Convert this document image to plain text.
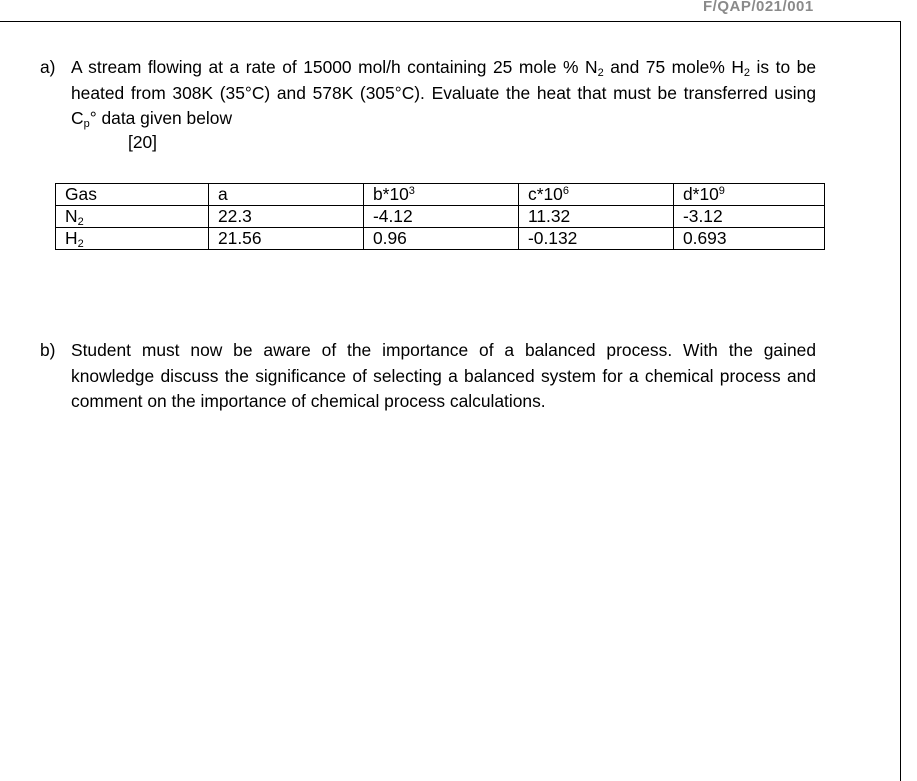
F/QAP/021/001
a) A stream flowing at a rate of 15000 mol/h containing 25 mole % $N_2$ and 75 mole% $H_2$ is to be heated from 308K (35°C) and 578K (305°C). Evaluate the heat that must be transferred using $C_p^\circ$ data given below
[20]
Gas	a	$b*10^3$	$c*10^6$	$d*10^9$
$N_2$	22.3	-4.12	11.32	-3.12
$H_2$	21.56	0.96	-0.132	0.693
b) Student must now be aware of the importance of a balanced process. With the gained knowledge discuss the significance of selecting a balanced system for a chemical process and comment on the importance of chemical process calculations.
